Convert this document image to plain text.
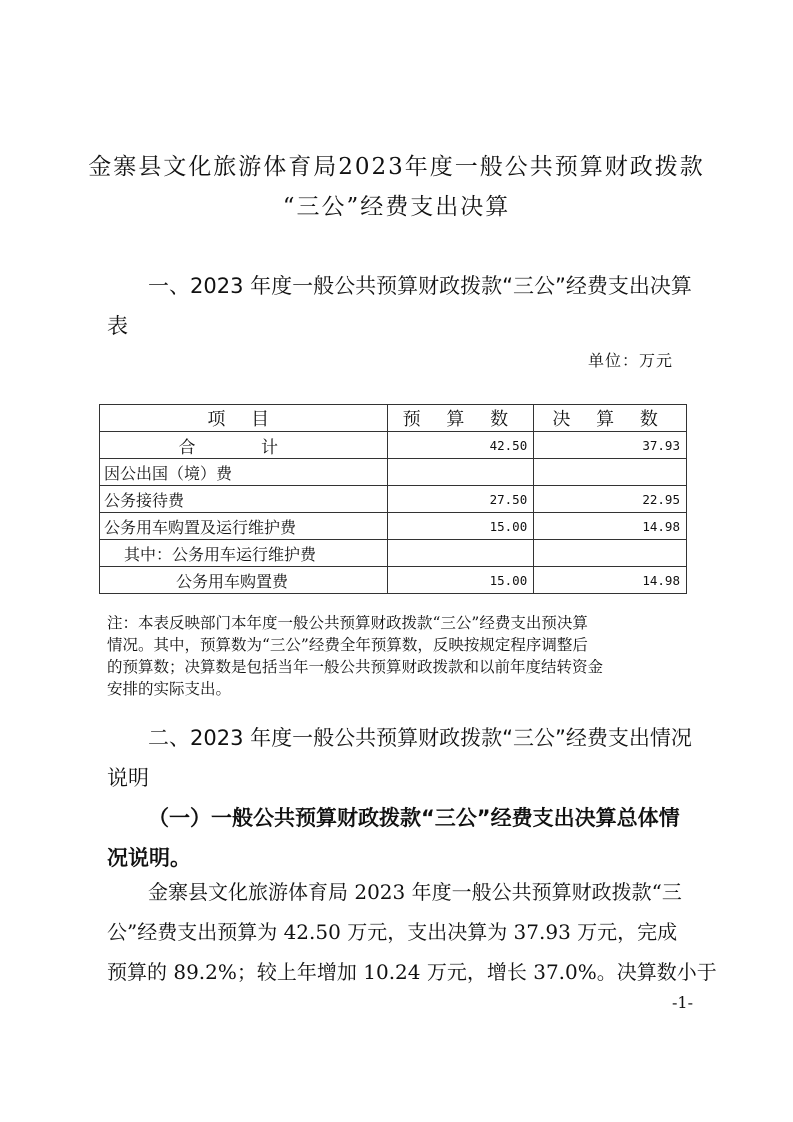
金寨县文化旅游体育局2023年度一般公共预算财政拨款
“三公”经费支出决算
一、2023 年度一般公共预算财政拨款“三公”经费支出决算
表
单位：万元
项 目	预 算 数	决 算 数
合 计	42.50	37.93
因公出国（境）费		
公务接待费	27.50	22.95
公务用车购置及运行维护费	15.00	14.98
其中：公务用车运行维护费		
公务用车购置费	15.00	14.98

注：本表反映部门本年度一般公共预算财政拨款“三公”经费支出预决算

情况。其中，预算数为“三公”经费全年预算数，反映按规定程序调整后

的预算数；决算数是包括当年一般公共预算财政拨款和以前年度结转资金

安排的实际支出。

二、2023 年度一般公共预算财政拨款“三公”经费支出情况
说明
（一）一般公共预算财政拨款“三公”经费支出决算总体情
况说明。
金寨县文化旅游体育局 2023 年度一般公共预算财政拨款“三
公”经费支出预算为 42.50 万元，支出决算为 37.93 万元，完成
预算的 89.2%；较上年增加 10.24 万元，增长 37.0%。决算数小于
-1-
